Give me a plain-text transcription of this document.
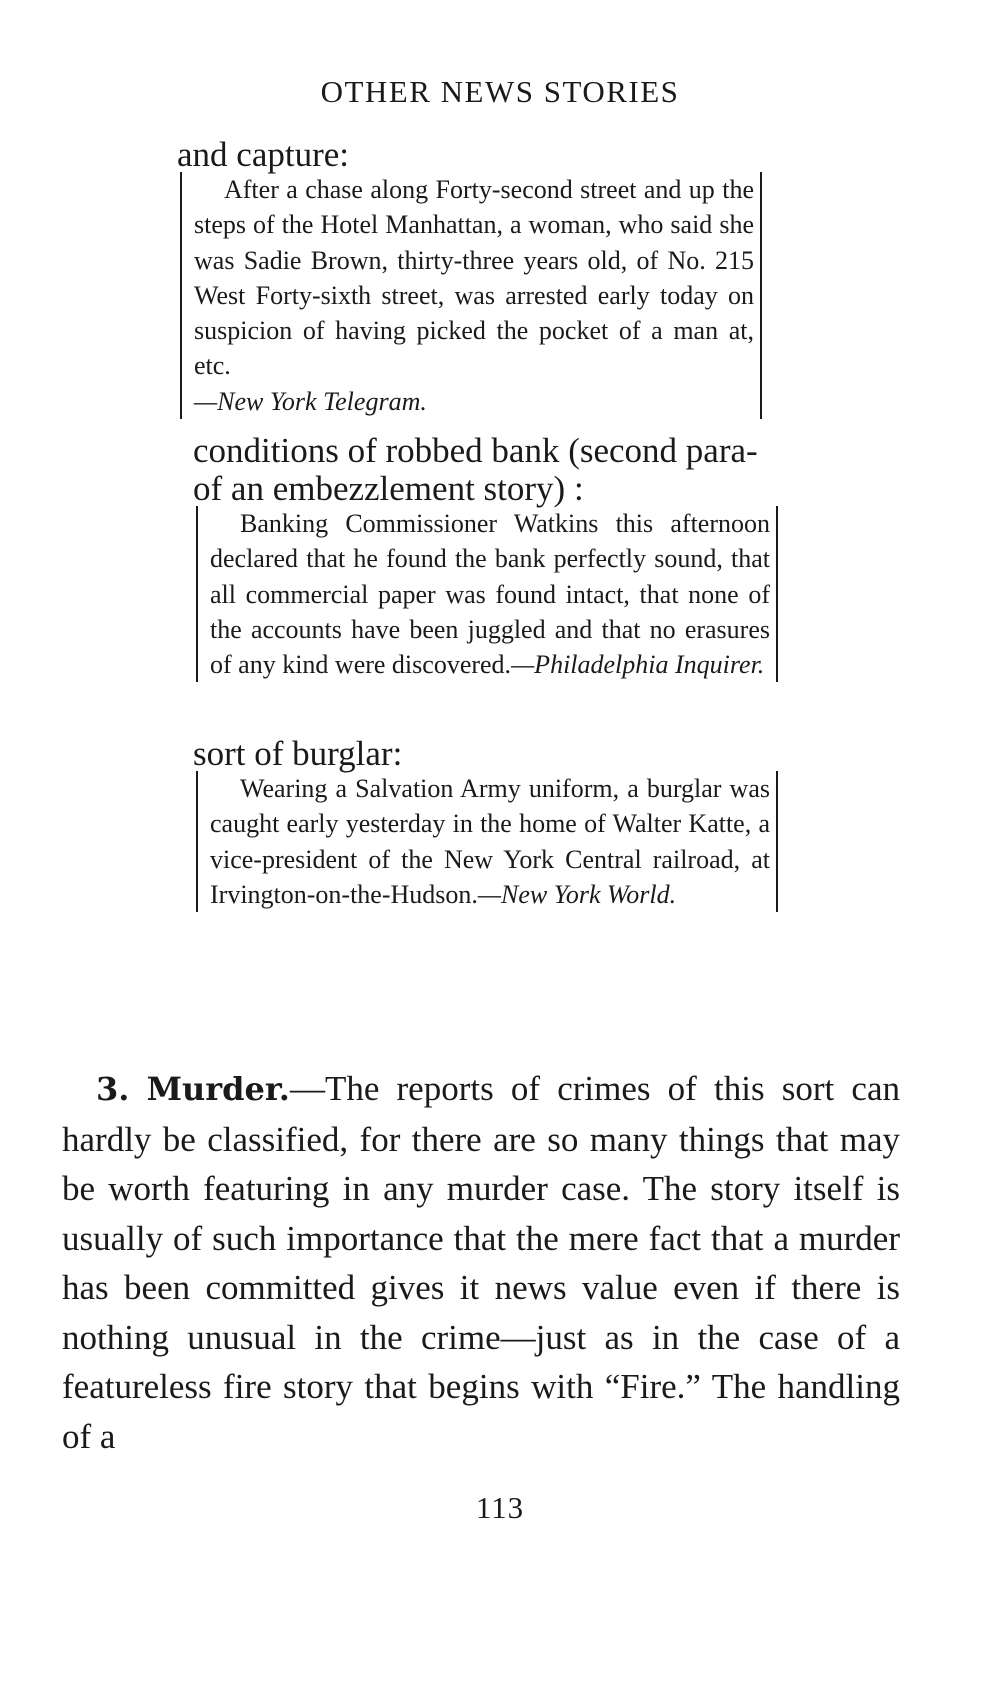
OTHER NEWS STORIES
and capture:

After a chase along Forty-second street and up the steps of the Hotel Manhattan, a woman, who said she was Sadie Brown, thirty-three years old, of No. 215 West Forty-sixth street, was arrested early today on suspicion of having picked the pocket of a man at, etc.
—New York Telegram.

conditions of robbed bank (second para-
of an embezzlement story) :

Banking Commissioner Watkins this afternoon declared that he found the bank perfectly sound, that all commercial paper was found intact, that none of the accounts have been juggled and that no erasures of any kind were discovered.—Philadelphia Inquirer.

sort of burglar:

Wearing a Salvation Army uniform, a burglar was caught early yesterday in the home of Walter Katte, a vice-president of the New York Central railroad, at Irvington-on-the-Hudson.—New York World.

3. Murder.—The reports of crimes of this sort can hardly be classified, for there are so many things that may be worth featuring in any murder case. The story itself is usually of such importance that the mere fact that a murder has been committed gives it news value even if there is nothing unusual in the crime—just as in the case of a featureless fire story that begins with “Fire.” The handling of a

113
